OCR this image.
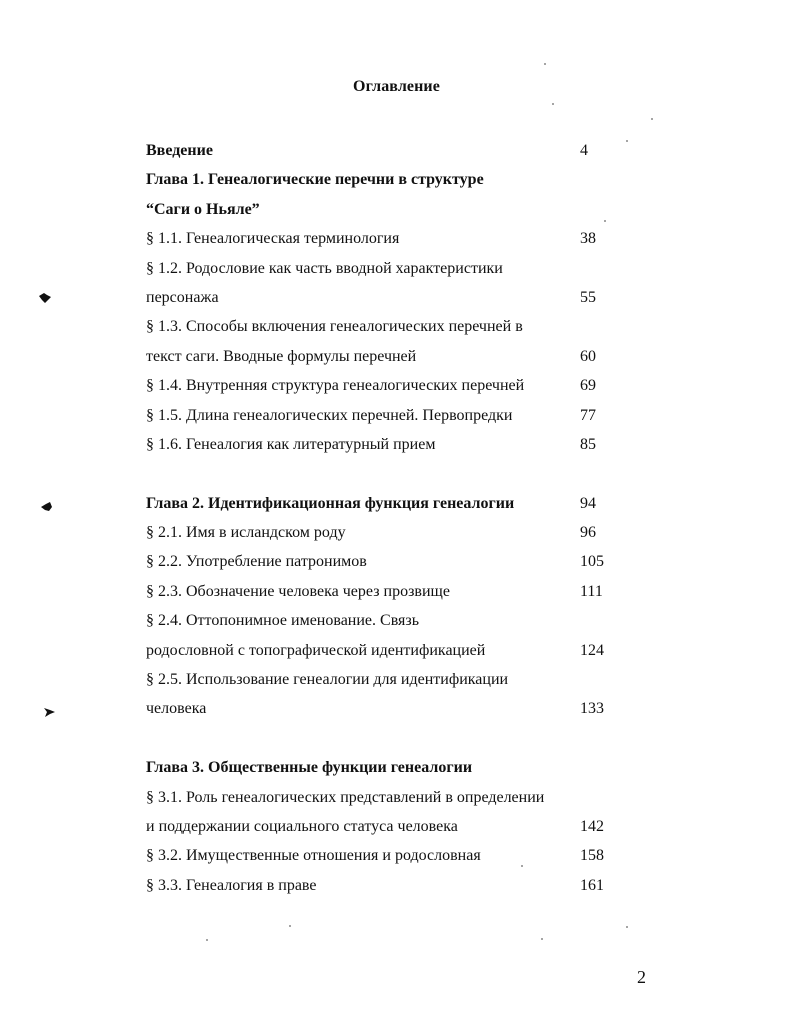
Оглавление
Введение	4
Глава 1. Генеалогические перечни в структуре
“Саги о Ньяле”
§ 1.1. Генеалогическая терминология	38
§ 1.2. Родословие как часть вводной характеристики
персонажа	55
§ 1.3. Способы включения генеалогических перечней в
текст саги. Вводные формулы перечней	60
§ 1.4. Внутренняя структура генеалогических перечней	69
§ 1.5. Длина генеалогических перечней. Первопредки	77
§ 1.6. Генеалогия как литературный прием	85
Глава 2. Идентификационная функция генеалогии	94
§ 2.1. Имя в исландском роду	96
§ 2.2. Употребление патронимов	105
§ 2.3. Обозначение человека через прозвище	111
§ 2.4. Оттопонимное именование. Связь
родословной с топографической идентификацией	124
§ 2.5. Использование генеалогии для идентификации
человека	133
Глава 3. Общественные функции генеалогии
§ 3.1. Роль генеалогических представлений в определении
и поддержании социального статуса человека	142
§ 3.2. Имущественные отношения и родословная	158
§ 3.3. Генеалогия в праве	161
2
